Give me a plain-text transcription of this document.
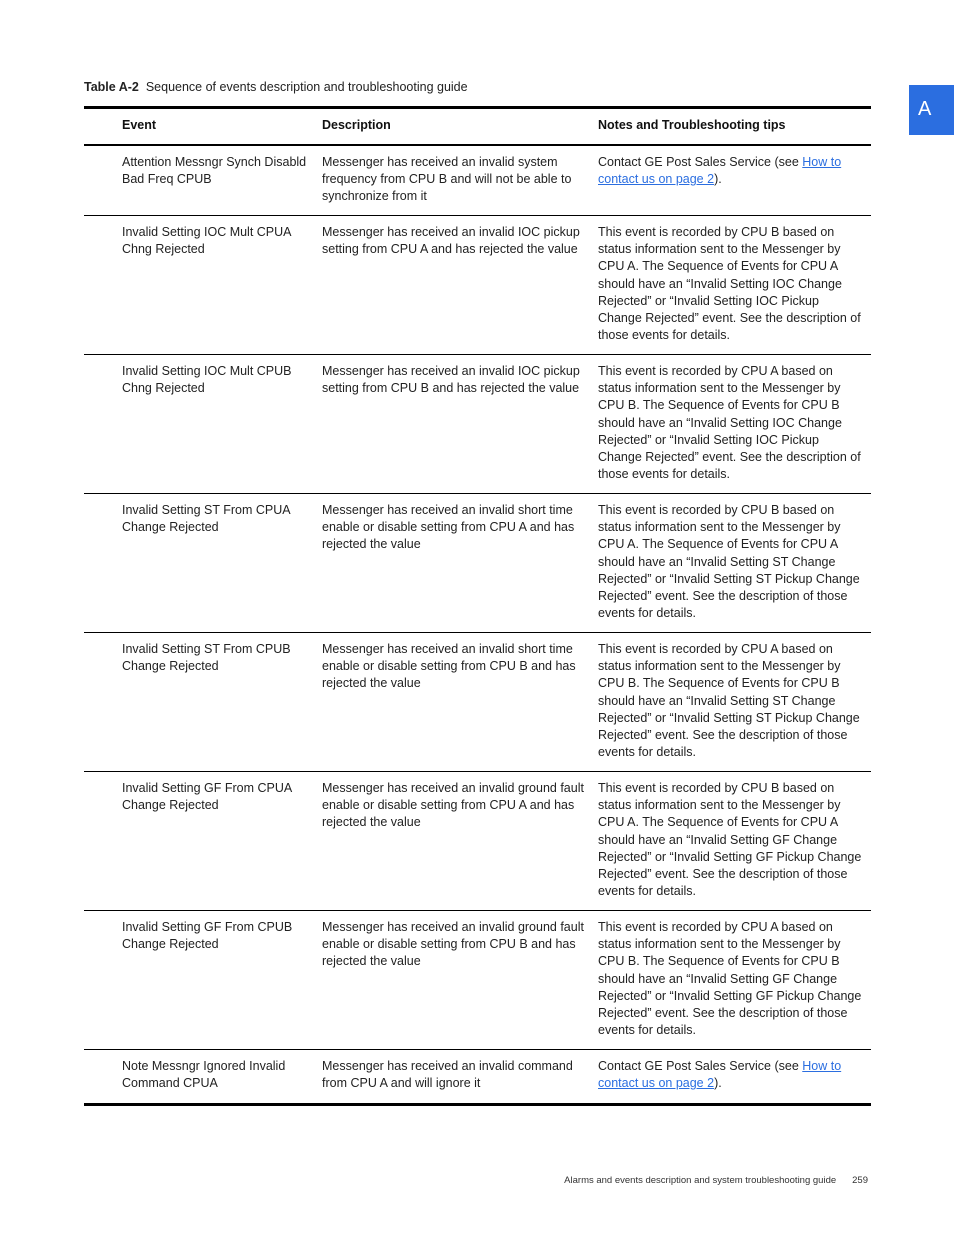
Table A-2 Sequence of events description and troubleshooting guide
A
	Event	Description	Notes and Troubleshooting tips
	Attention Messngr Synch Disabld Bad Freq CPUB	Messenger has received an invalid system frequency from CPU B and will not be able to synchronize from it	Contact GE Post Sales Service (see How to contact us on page 2).
	Invalid Setting IOC Mult CPUA Chng Rejected	Messenger has received an invalid IOC pickup setting from CPU A and has rejected the value	This event is recorded by CPU B based on status information sent to the Messenger by CPU A. The Sequence of Events for CPU A should have an “Invalid Setting IOC Change Rejected” or “Invalid Setting IOC Pickup Change Rejected” event. See the description of those events for details.
	Invalid Setting IOC Mult CPUB Chng Rejected	Messenger has received an invalid IOC pickup setting from CPU B and has rejected the value	This event is recorded by CPU A based on status information sent to the Messenger by CPU B. The Sequence of Events for CPU B should have an “Invalid Setting IOC Change Rejected” or “Invalid Setting IOC Pickup Change Rejected” event. See the description of those events for details.
	Invalid Setting ST From CPUA Change Rejected	Messenger has received an invalid short time enable or disable setting from CPU A and has rejected the value	This event is recorded by CPU B based on status information sent to the Messenger by CPU A. The Sequence of Events for CPU A should have an “Invalid Setting ST Change Rejected” or “Invalid Setting ST Pickup Change Rejected” event. See the description of those events for details.
	Invalid Setting ST From CPUB Change Rejected	Messenger has received an invalid short time enable or disable setting from CPU B and has rejected the value	This event is recorded by CPU A based on status information sent to the Messenger by CPU B. The Sequence of Events for CPU B should have an “Invalid Setting ST Change Rejected” or “Invalid Setting ST Pickup Change Rejected” event. See the description of those events for details.
	Invalid Setting GF From CPUA Change Rejected	Messenger has received an invalid ground fault enable or disable setting from CPU A and has rejected the value	This event is recorded by CPU B based on status information sent to the Messenger by CPU A. The Sequence of Events for CPU A should have an “Invalid Setting GF Change Rejected” or “Invalid Setting GF Pickup Change Rejected” event. See the description of those events for details.
	Invalid Setting GF From CPUB Change Rejected	Messenger has received an invalid ground fault enable or disable setting from CPU B and has rejected the value	This event is recorded by CPU A based on status information sent to the Messenger by CPU B. The Sequence of Events for CPU B should have an “Invalid Setting GF Change Rejected” or “Invalid Setting GF Pickup Change Rejected” event. See the description of those events for details.
	Note Messngr Ignored Invalid Command CPUA	Messenger has received an invalid command from CPU A and will ignore it	Contact GE Post Sales Service (see How to contact us on page 2).
Alarms and events description and system troubleshooting guide 259
